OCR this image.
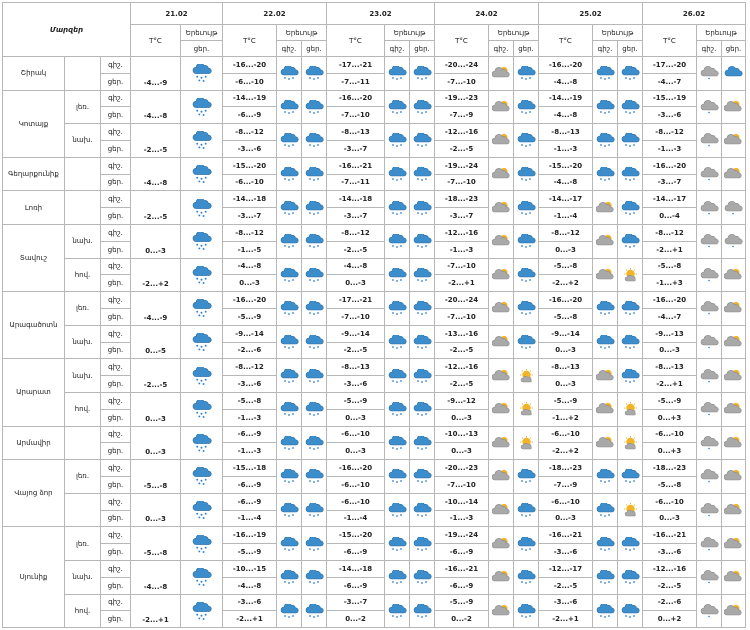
Մարզեր			21.02		22.02			23.02			24.02			25.02			26.02		
			T°C	Երեւույթ	T°C	Երեւույթ		T°C	Երեւույթ		T°C	Երեւույթ		T°C	Երեւույթ		T°C	Երեւույթ	
				ցեր.		գիշ.	ցեր.		գիշ.	ցեր.		գիշ.	ցեր.		գիշ.	ցեր.		գիշ.	ցեր.
Շիրակ		գիշ.	-4...-9		-16...-20			-17...-21			-20...-24			-16...-20			-17...-20	

		ցեր.			-6...-10			-7...-11			-7...-10			-4...-8			-4...-7		
Կոտայք	լեռ.	գիշ.	-4...-8		-14...-19			-16...-20			-19...-23			-14...-19			-15...-19	

		ցեր.			-6...-9			-7...-10			-7...-9			-4...-8			-3...-6		
	նախ.	գիշ.	-2...-5		-8...-12			-8...-13			-12...-16			-8...-13			-8...-12	

		ցեր.			-3...-6			-3...-7			-2...-5			-1...-3			-1...-3		
Գեղարքունիք		գիշ.	-4...-8		-15...-20			-16...-21			-19...-24			-15...-20			-16...-20	

		ցեր.			-6...-10			-7...-11			-7...-10			-4...-8			-3...-7		
Լոռի		գիշ.	-2...-5		-14...-18			-14...-18			-18...-23			-14...-17			-14...-17	

		ցեր.			-3...-7			-3...-7			-3...-7			-1...-4			0...-4		
Տավուշ	նախ.	գիշ.	0...-3		-8...-12			-8...-12			-12...-16			-8...-12			-8...-12	

		ցեր.			-1...-5			-2...-5			-1...-3			0...-3			-2...+1		
	հով.	գիշ.	-2...+2		-4...-8			-4...-8			-7...-10			-5...-8			-5...-8	

		ցեր.			0...-3			0...-3			-2...+1			-2...+2			-1...+3		
Արագածոտն	լեռ.	գիշ.	-4...-9		-16...-20			-17...-21			-20...-24			-16...-20			-16...-20	

		ցեր.			-5...-9			-7...-10			-7...-10			-5...-8			-4...-7		
	նախ.	գիշ.	0...-5		-9...-14			-9...-14			-13...-16			-9...-14			-9...-13	

		ցեր.			-2...-6			-2...-5			-2...-5			0...-3			0...-3		
Արարատ	նախ.	գիշ.	-2...-5		-8...-12			-8...-13			-12...-16			-8...-13			-8...-13	

		ցեր.			-3...-6			-3...-6			-2...-5			0...-3			-2...+1		
	հով.	գիշ.	0...-3		-5...-8			-5...-9			-9...-12			-5...-9			-5...-9	

		ցեր.			-1...-3			0...-3			0...-3			-1...+2			0...+3		
Արմավիր		գիշ.	0...-3		-6...-9			-6...-10			-10...-13			-6...-10			-6...-10	

		ցեր.			-1...-3			0...-3			0...-3			-2...+2			0...+3		
Վայոց ձոր	լեռ.	գիշ.	-5...-8		-15...-18			-16...-20			-20...-23			-18...-23			-18...-23	

		ցեր.			-6...-9			-6...-10			-7...-10			-7...-9			-5...-8		
		գիշ.	0...-3		-6...-9			-6...-10			-10...-14			-6...-10			-6...-10	

		ցեր.			-1...-4			-1...-4			-1...-3			0...-3			0...-3		
Սյունիք	լեռ.	գիշ.	-5...-8		-16...-19			-15...-20			-19...-24			-16...-21			-16...-21	

		ցեր.			-5...-9			-6...-9			-6...-9			-3...-6			-3...-6		
	նախ.	գիշ.	-4...-8		-10...-15			-14...-18			-16...-21			-12...-17			-12...-16	

		ցեր.			-4...-8			-6...-9			-6...-9			-2...-5			-2...-5		
	հով.	գիշ.	-2...+1		-3...-6			-3...-7			-5...-9			-3...-6			-2...-6	

		ցեր.			-2...+1			0...-2			0...-2			-2...+1			0...+2		
